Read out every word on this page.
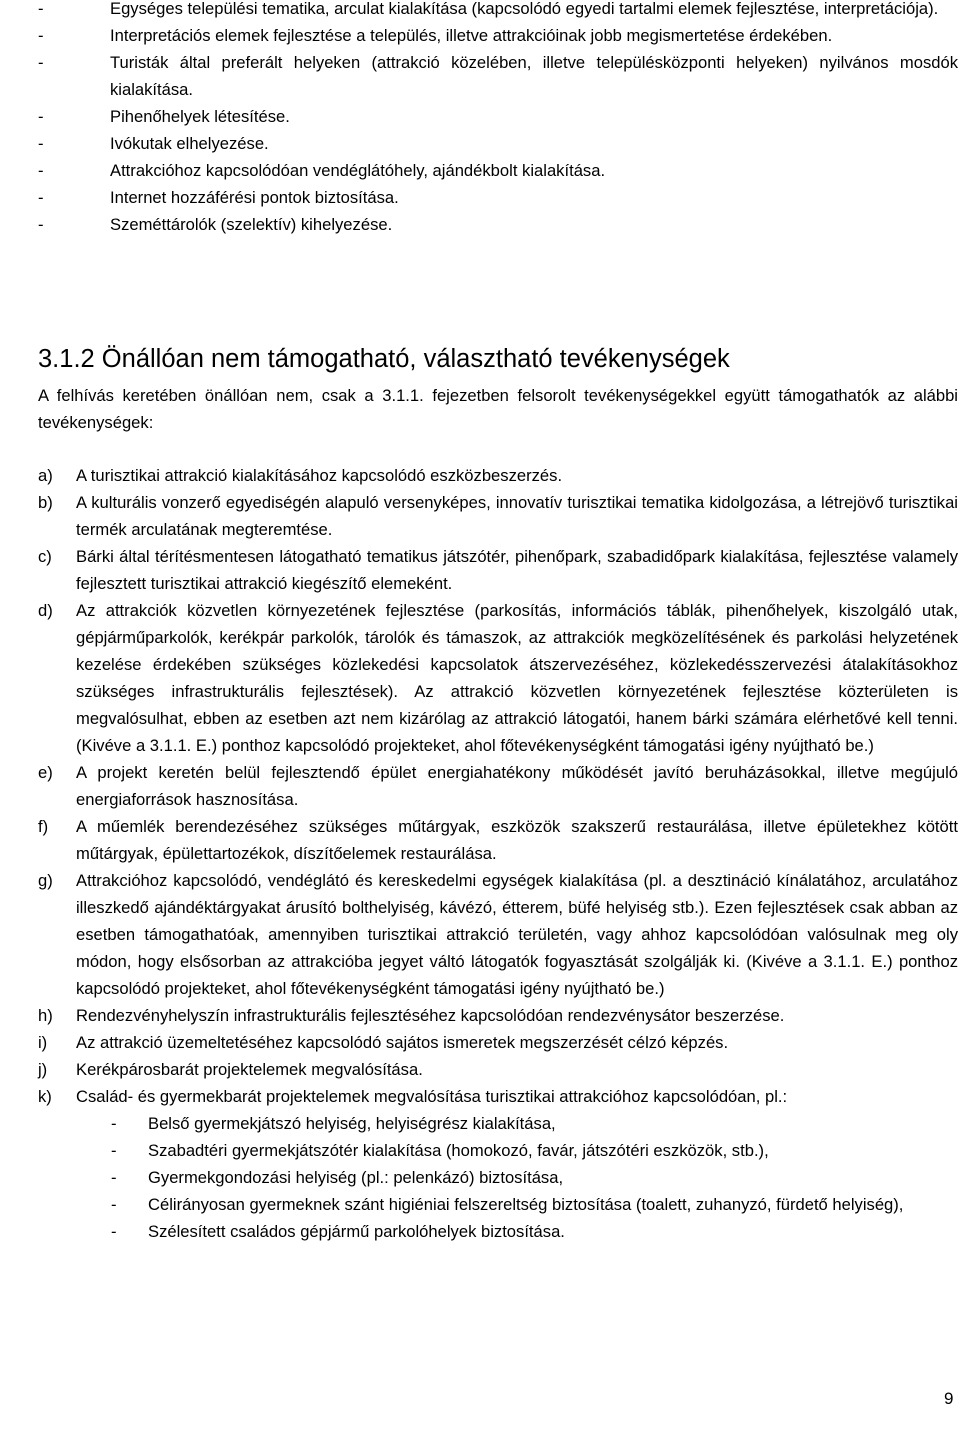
-	Egységes települési tematika, arculat kialakítása (kapcsolódó egyedi tartalmi elemek fejlesztése, interpretációja).
-	Interpretációs elemek fejlesztése a település, illetve attrakcióinak jobb megismertetése érdekében.
-	Turisták által preferált helyeken (attrakció közelében, illetve településközponti helyeken) nyilvános mosdók kialakítása.
-	Pihenőhelyek létesítése.
-	Ivókutak elhelyezése.
-	Attrakcióhoz kapcsolódóan vendéglátóhely, ajándékbolt kialakítása.
-	Internet hozzáférési pontok biztosítása.
-	Szeméttárolók (szelektív) kihelyezése.
3.1.2 Önállóan nem támogatható, választható tevékenységek

A felhívás keretében önállóan nem, csak a 3.1.1. fejezetben felsorolt tevékenységekkel együtt támogathatók az alábbi tevékenységek:

a) A turisztikai attrakció kialakításához kapcsolódó eszközbeszerzés.
b) A kulturális vonzerő egyediségén alapuló versenyképes, innovatív turisztikai tematika kidolgozása, a létrejövő turisztikai termék arculatának megteremtése.
c) Bárki által térítésmentesen látogatható tematikus játszótér, pihenőpark, szabadidőpark kialakítása, fejlesztése valamely fejlesztett turisztikai attrakció kiegészítő elemeként.
d) Az attrakciók közvetlen környezetének fejlesztése (parkosítás, információs táblák, pihenőhelyek, kiszolgáló utak, gépjárműparkolók, kerékpár parkolók, tárolók és támaszok, az attrakciók megközelítésének és parkolási helyzetének kezelése érdekében szükséges közlekedési kapcsolatok átszervezéséhez, közlekedésszervezési átalakításokhoz szükséges infrastrukturális fejlesztések). Az attrakció közvetlen környezetének fejlesztése közterületen is megvalósulhat, ebben az esetben azt nem kizárólag az attrakció látogatói, hanem bárki számára elérhetővé kell tenni. (Kivéve a 3.1.1. E.) ponthoz kapcsolódó projekteket, ahol főtevékenységként támogatási igény nyújtható be.)
e) A projekt keretén belül fejlesztendő épület energiahatékony működését javító beruházásokkal, illetve megújuló energiaforrások hasznosítása.
f) A műemlék berendezéséhez szükséges műtárgyak, eszközök szakszerű restaurálása, illetve épületekhez kötött műtárgyak, épülettartozékok, díszítőelemek restaurálása.
g) Attrakcióhoz kapcsolódó, vendéglátó és kereskedelmi egységek kialakítása (pl. a desztináció kínálatához, arculatához illeszkedő ajándéktárgyakat árusító bolthelyiség, kávézó, étterem, büfé helyiség stb.). Ezen fejlesztések csak abban az esetben támogathatóak, amennyiben turisztikai attrakció területén, vagy ahhoz kapcsolódóan valósulnak meg oly módon, hogy elsősorban az attrakcióba jegyet váltó látogatók fogyasztását szolgálják ki. (Kivéve a 3.1.1. E.) ponthoz kapcsolódó projekteket, ahol főtevékenységként támogatási igény nyújtható be.)
h) Rendezvényhelyszín infrastrukturális fejlesztéséhez kapcsolódóan rendezvénysátor beszerzése.
i) Az attrakció üzemeltetéséhez kapcsolódó sajátos ismeretek megszerzését célzó képzés.
j) Kerékpárosbarát projektelemek megvalósítása.
k) Család- és gyermekbarát projektelemek megvalósítása turisztikai attrakcióhoz kapcsolódóan, pl.:
- Belső gyermekjátszó helyiség, helyiségrész kialakítása,
- Szabadtéri gyermekjátszótér kialakítása (homokozó, favár, játszótéri eszközök, stb.),
- Gyermekgondozási helyiség (pl.: pelenkázó) biztosítása,
- Célirányosan gyermeknek szánt higiéniai felszereltség biztosítása (toalett, zuhanyzó, fürdető helyiség),
- Szélesített családos gépjármű parkolóhelyek biztosítása.
9
